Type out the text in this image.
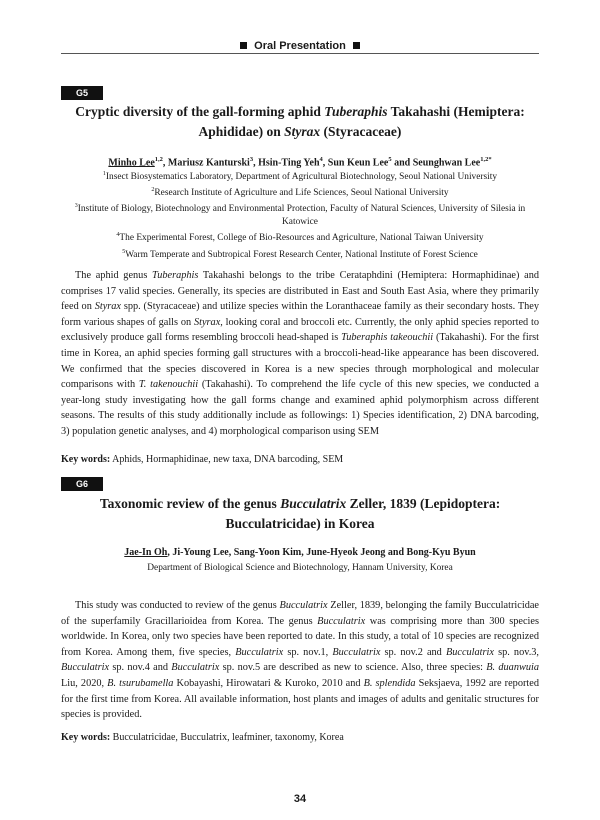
Oral Presentation
G5
Cryptic diversity of the gall-forming aphid Tuberaphis Takahashi (Hemiptera: Aphididae) on Styrax (Styracaceae)
Minho Lee$^{1,2}$, Mariusz Kanturski$^3$, Hsin-Ting Yeh$^4$, Sun Keun Lee$^5$ and Seunghwan Lee$^{1,2*}$
$^1$Insect Biosystematics Laboratory, Department of Agricultural Biotechnology, Seoul National University
$^2$Research Institute of Agriculture and Life Sciences, Seoul National University
$^3$Institute of Biology, Biotechnology and Environmental Protection, Faculty of Natural Sciences, University of Silesia in Katowice
$^4$The Experimental Forest, College of Bio-Resources and Agriculture, National Taiwan University
$^5$Warm Temperate and Subtropical Forest Research Center, National Institute of Forest Science
The aphid genus Tuberaphis Takahashi belongs to the tribe Cerataphdini (Hemiptera: Hormaphidinae) and comprises 17 valid species. Generally, its species are distributed in East and South East Asia, where they primarily feed on Styrax spp. (Styracaceae) and utilize species within the Loranthaceae family as their secondary hosts. They form various shapes of galls on Styrax, looking coral and broccoli etc. Currently, the only aphid species reported to exclusively produce gall forms resembling broccoli head-shaped is Tuberaphis takeouchii (Takahashi). For the first time in Korea, an aphid species forming gall structures with a broccoli-head-like appearance has been discovered. We confirmed that the species discovered in Korea is a new species through morphological and molecular comparisons with T. takenouchii (Takahashi). To comprehend the life cycle of this new species, we conducted a year-long study investigating how the gall forms change and examined aphid polymorphism across different seasons. The results of this study additionally include as followings: 1) Species identification, 2) DNA barcoding, 3) population genetic analyses, and 4) morphological comparison using SEM
Key words: Aphids, Hormaphidinae, new taxa, DNA barcoding, SEM
G6
Taxonomic review of the genus Bucculatrix Zeller, 1839 (Lepidoptera: Bucculatricidae) in Korea
Jae-In Oh, Ji-Young Lee, Sang-Yoon Kim, June-Hyeok Jeong and Bong-Kyu Byun
Department of Biological Science and Biotechnology, Hannam University, Korea
This study was conducted to review of the genus Bucculatrix Zeller, 1839, belonging the family Bucculatricidae of the superfamily Gracillarioidea from Korea. The genus Bucculatrix was comprising more than 300 species worldwide. In Korea, only two species have been reported to date. In this study, a total of 10 species are recognized from Korea. Among them, five species, Bucculatrix sp. nov.1, Bucculatrix sp. nov.2 and Bucculatrix sp. nov.3, Bucculatrix sp. nov.4 and Bucculatrix sp. nov.5 are described as new to science. Also, three species: B. duanwuia Liu, 2020, B. tsurubamella Kobayashi, Hirowatari & Kuroko, 2010 and B. splendida Seksjaeva, 1992 are reported for the first time from Korea. All available information, host plants and images of adults and genitalic structures for species is provided.
Key words: Bucculatricidae, Bucculatrix, leafminer, taxonomy, Korea
34
